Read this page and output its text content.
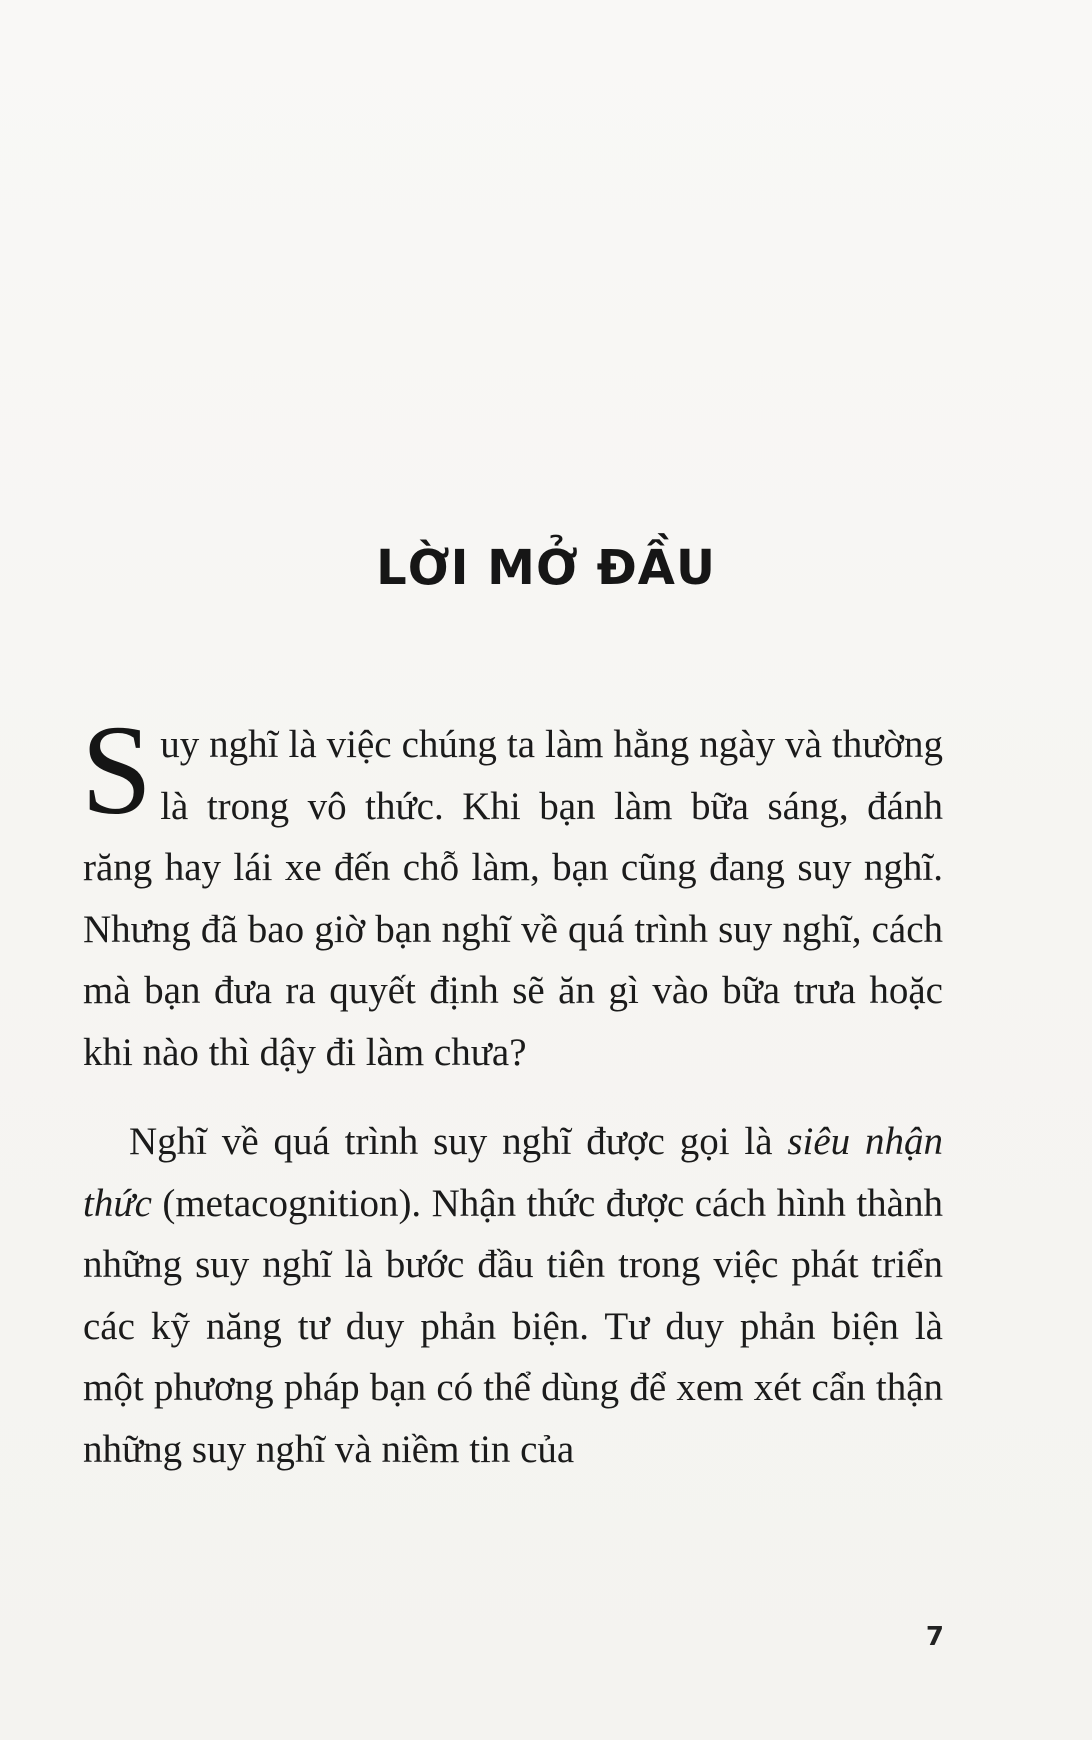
LỜI MỞ ĐẦU

Suy nghĩ là việc chúng ta làm hằng ngày và thường là trong vô thức. Khi bạn làm bữa sáng, đánh răng hay lái xe đến chỗ làm, bạn cũng đang suy nghĩ. Nhưng đã bao giờ bạn nghĩ về quá trình suy nghĩ, cách mà bạn đưa ra quyết định sẽ ăn gì vào bữa trưa hoặc khi nào thì dậy đi làm chưa?

Nghĩ về quá trình suy nghĩ được gọi là siêu nhận thức (metacognition). Nhận thức được cách hình thành những suy nghĩ là bước đầu tiên trong việc phát triển các kỹ năng tư duy phản biện. Tư duy phản biện là một phương pháp bạn có thể dùng để xem xét cẩn thận những suy nghĩ và niềm tin của

7
